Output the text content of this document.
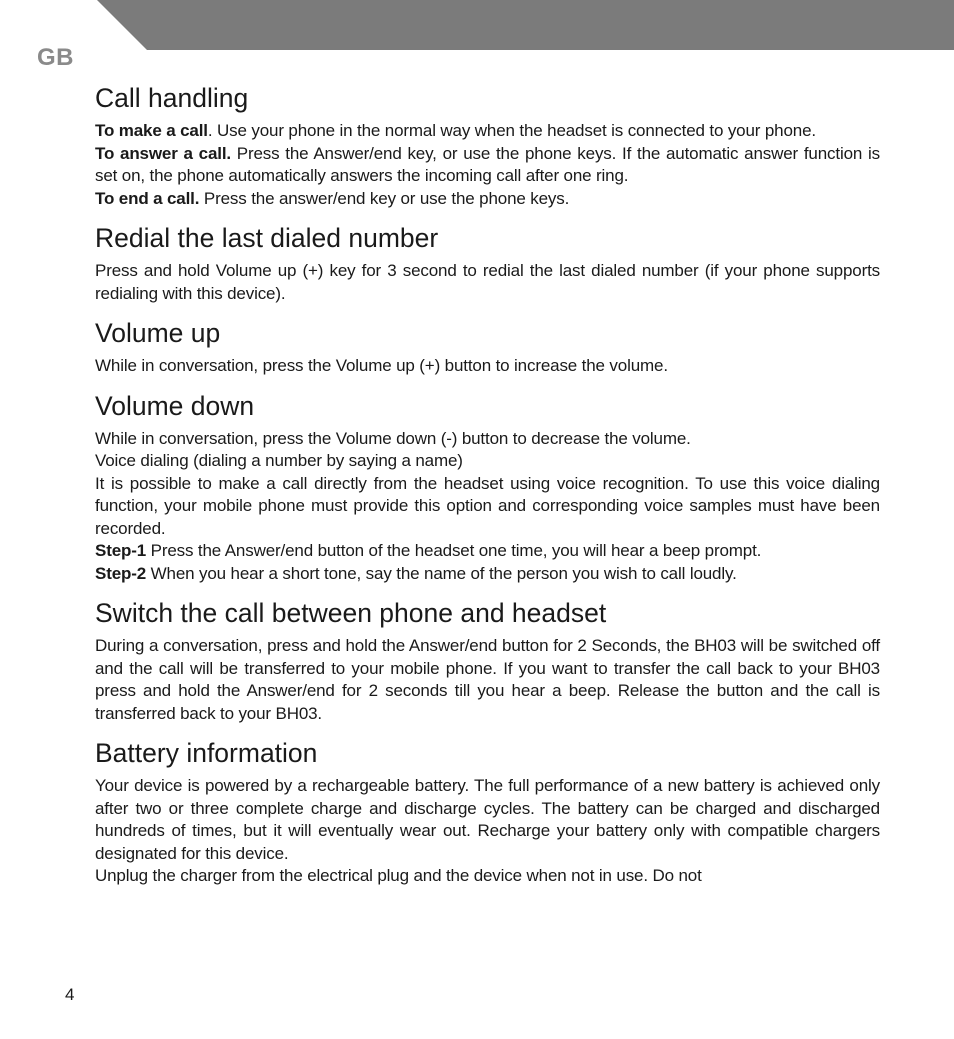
GB
Call handling

To make a call. Use your phone in the normal way when the headset is connected to your phone.

To answer a call. Press the Answer/end key, or use the phone keys. If the automatic answer function is set on, the phone automatically answers the incoming call after one ring.

To end a call. Press the answer/end key or use the phone keys.

Redial the last dialed number

Press and hold Volume up (+) key for 3 second to redial the last dialed number (if your phone supports redialing with this device).

Volume up

While in conversation, press the Volume up (+) button to increase the volume.

Volume down

While in conversation, press the Volume down (-) button to decrease the volume.

Voice dialing (dialing a number by saying a name)

It is possible to make a call directly from the headset using voice recognition. To use this voice dialing function, your mobile phone must provide this option and corresponding voice samples must have been recorded.

Step-1 Press the Answer/end button of the headset one time, you will hear a beep prompt.

Step-2 When you hear a short tone, say the name of the person you wish to call loudly.

Switch the call between phone and headset

During a conversation, press and hold the Answer/end button for 2 Seconds, the BH03 will be switched off and the call will be transferred to your mobile phone. If you want to transfer the call back to your BH03 press and hold the Answer/end for 2 seconds till you hear a beep. Release the button and the call is transferred back to your BH03.

Battery information

Your device is powered by a rechargeable battery. The full performance of a new battery is achieved only after two or three complete charge and discharge cycles. The battery can be charged and discharged hundreds of times, but it will eventually wear out. Recharge your battery only with compatible chargers designated for this device.

Unplug the charger from the electrical plug and the device when not in use. Do not

4
